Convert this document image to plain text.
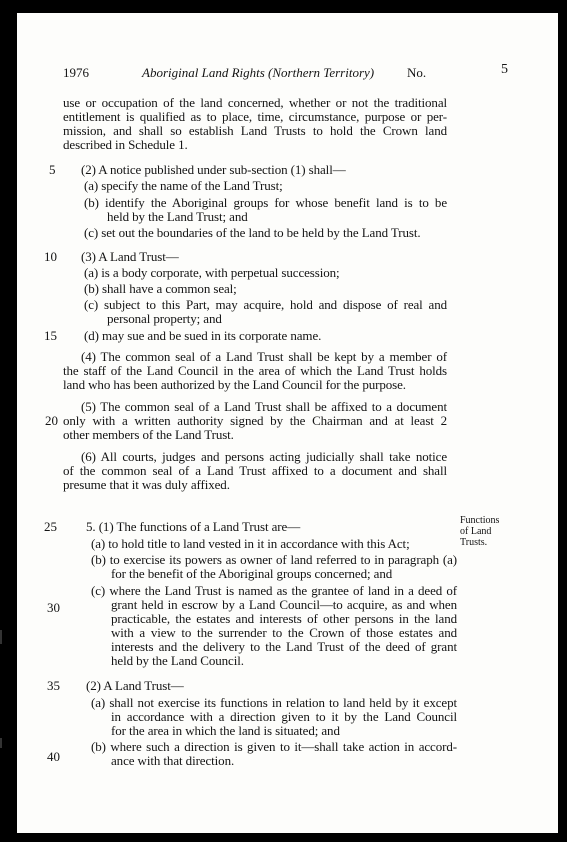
1976	Aboriginal Land Rights (Northern Territory)	No.	5
use or occupation of the land concerned, whether or not the traditional
entitlement is qualified as to place, time, circumstance, purpose or per-
mission, and shall so establish Land Trusts to hold the Crown land
described in Schedule 1.
(2) A notice published under sub-section (1) shall—
(a) specify the name of the Land Trust;
(b) identify the Aboriginal groups for whose benefit land is to be
held by the Land Trust; and
(c) set out the boundaries of the land to be held by the Land Trust.
(3) A Land Trust—
(a) is a body corporate, with perpetual succession;
(b) shall have a common seal;
(c) subject to this Part, may acquire, hold and dispose of real and
personal property; and
(d) may sue and be sued in its corporate name.
(4) The common seal of a Land Trust shall be kept by a member of
the staff of the Land Council in the area of which the Land Trust holds
land who has been authorized by the Land Council for the purpose.
(5) The common seal of a Land Trust shall be affixed to a document
only with a written authority signed by the Chairman and at least 2
other members of the Land Trust.
(6) All courts, judges and persons acting judicially shall take notice
of the common seal of a Land Trust affixed to a document and shall
presume that it was duly affixed.
5. (1) The functions of a Land Trust are—
(a) to hold title to land vested in it in accordance with this Act;
(b) to exercise its powers as owner of land referred to in paragraph (a)
for the benefit of the Aboriginal groups concerned; and
(c) where the Land Trust is named as the grantee of land in a deed of
grant held in escrow by a Land Council—to acquire, as and when
practicable, the estates and interests of other persons in the land
with a view to the surrender to the Crown of those estates and
interests and the delivery to the Land Trust of the deed of grant
held by the Land Council.
(2) A Land Trust—
(a) shall not exercise its functions in relation to land held by it except
in accordance with a direction given to it by the Land Council
for the area in which the land is situated; and
(b) where such a direction is given to it—shall take action in accord-
ance with that direction.
5
10
15
20
25
30
35
40
Functions
of Land
Trusts.
